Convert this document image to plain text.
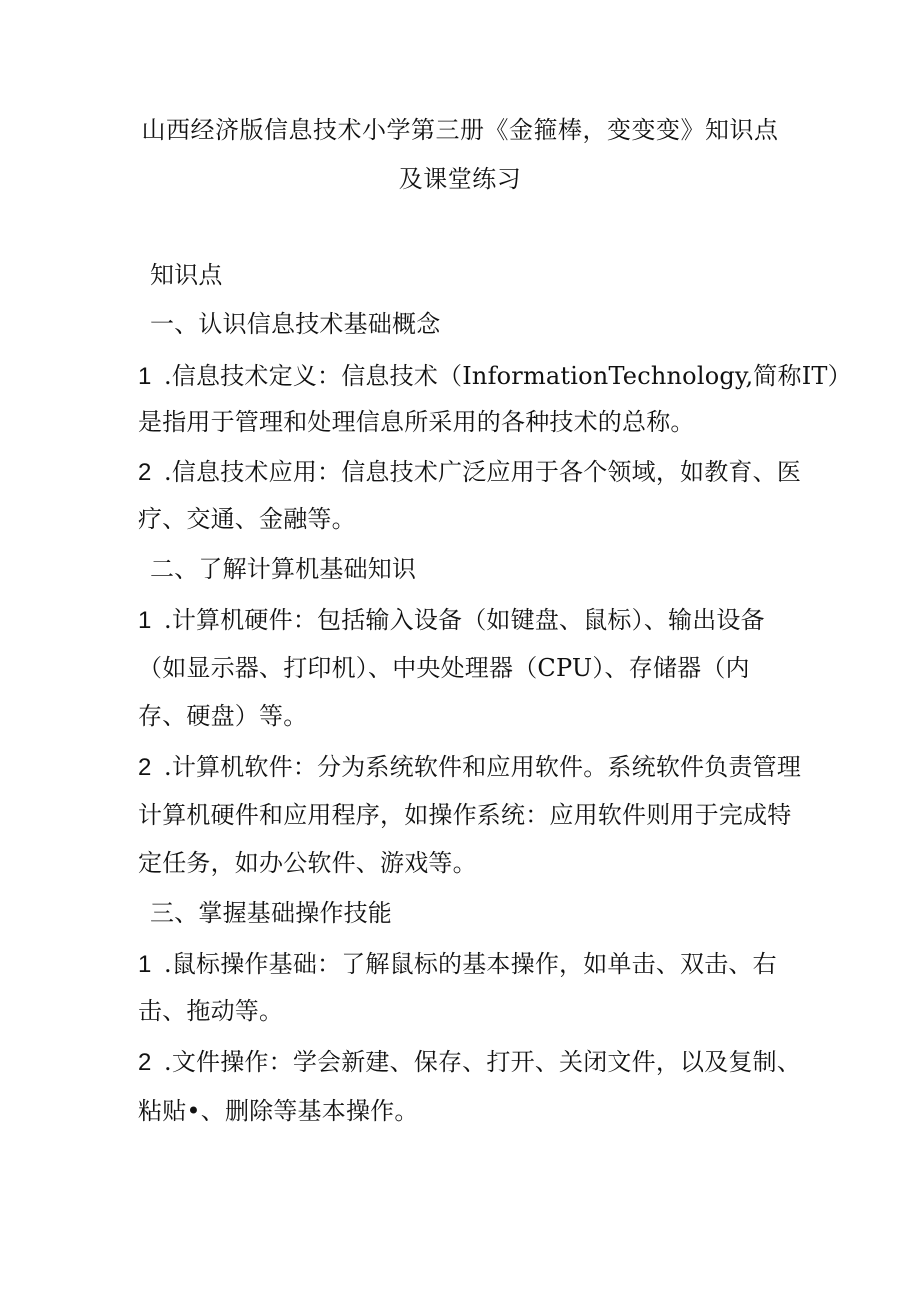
山西经济版信息技术小学第三册《金箍棒，变变变》知识点
及课堂练习
知识点
一、认识信息技术基础概念
1 .信息技术定义：信息技术（InformationTechnology,简称IT）
是指用于管理和处理信息所采用的各种技术的总称。
2 .信息技术应用：信息技术广泛应用于各个领域，如教育、医
疗、交通、金融等。
二、了解计算机基础知识
1 .计算机硬件：包括输入设备（如键盘、鼠标）、输出设备
（如显示器、打印机）、中央处理器（CPU）、存储器（内
存、硬盘）等。
2 .计算机软件：分为系统软件和应用软件。系统软件负责管理
计算机硬件和应用程序，如操作系统：应用软件则用于完成特
定任务，如办公软件、游戏等。
三、掌握基础操作技能
1 .鼠标操作基础：了解鼠标的基本操作，如单击、双击、右
击、拖动等。
2 .文件操作：学会新建、保存、打开、关闭文件，以及复制、
粘贴•、删除等基本操作。
